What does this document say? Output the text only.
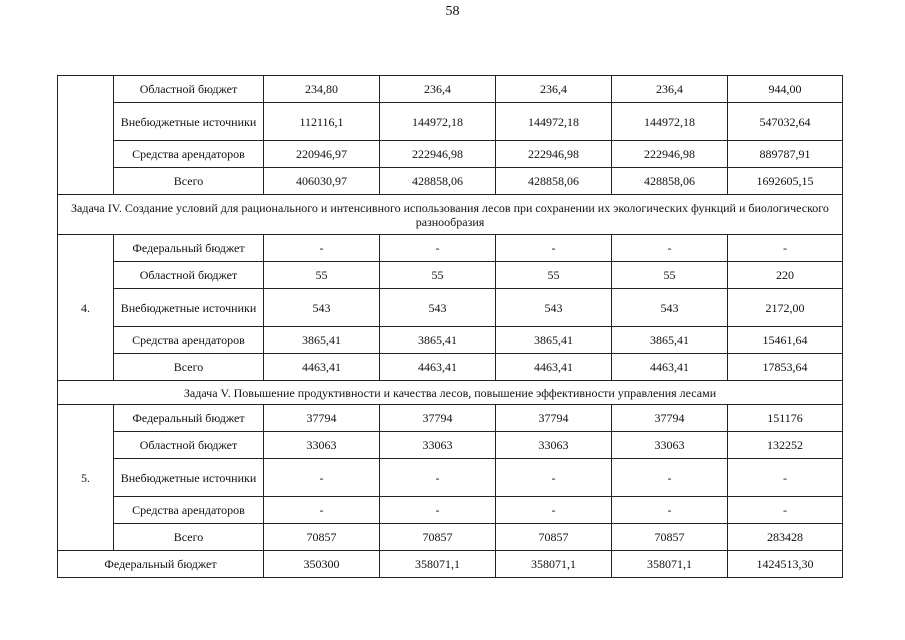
58
	Областной бюджет	234,80	236,4	236,4	236,4	944,00
	Внебюджетные источники	112116,1	144972,18	144972,18	144972,18	547032,64
	Средства арендаторов	220946,97	222946,98	222946,98	222946,98	889787,91
	Всего	406030,97	428858,06	428858,06	428858,06	1692605,15
Задача IV. Создание условий для рационального и интенсивного использования лесов при сохранении их экологических функций и биологического разнообразия						
4.	Федеральный бюджет	-	-	-	-	-
	Областной бюджет	55	55	55	55	220
	Внебюджетные источники	543	543	543	543	2172,00
	Средства арендаторов	3865,41	3865,41	3865,41	3865,41	15461,64
	Всего	4463,41	4463,41	4463,41	4463,41	17853,64
Задача V. Повышение продуктивности и качества лесов, повышение эффективности управления лесами						
5.	Федеральный бюджет	37794	37794	37794	37794	151176
	Областной бюджет	33063	33063	33063	33063	132252
	Внебюджетные источники	-	-	-	-	-
	Средства арендаторов	-	-	-	-	-
	Всего	70857	70857	70857	70857	283428
Федеральный бюджет		350300	358071,1	358071,1	358071,1	1424513,30
